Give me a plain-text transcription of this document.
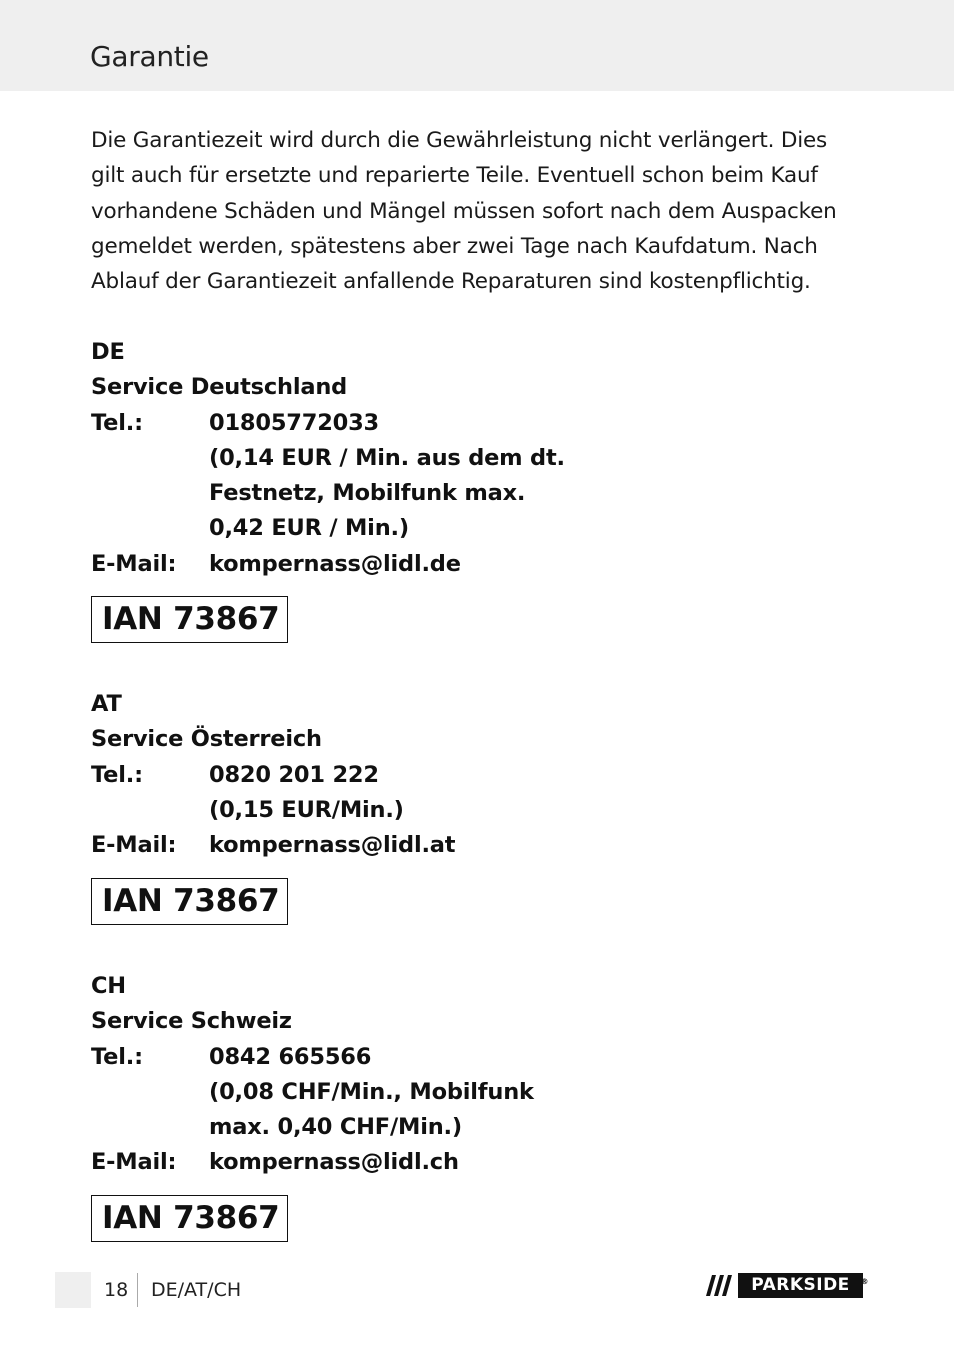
Garantie

Die Garantiezeit wird durch die Gewährleistung nicht verlängert. Dies

gilt auch für ersetzte und reparierte Teile. Eventuell schon beim Kauf

vorhandene Schäden und Mängel müssen sofort nach dem Auspacken

gemeldet werden, spätestens aber zwei Tage nach Kaufdatum. Nach

Ablauf der Garantiezeit anfallende Reparaturen sind kostenpflichtig.

DE
Service Deutschland
Tel.:	01805772033
(0,14 EUR / Min. aus dem dt.
Festnetz, Mobilfunk max.
0,42 EUR / Min.)
E-Mail:	kompernass@lidl.de
IAN 73867
AT
Service Österreich
Tel.:	0820 201 222
(0,15 EUR/Min.)
E-Mail:	kompernass@lidl.at
IAN 73867
CH
Service Schweiz
Tel.:	0842 665566
(0,08 CHF/Min., Mobilfunk
max. 0,40 CHF/Min.)
E-Mail:	kompernass@lidl.ch
IAN 73867
18 DE/AT/CH	PARKSIDE ®
